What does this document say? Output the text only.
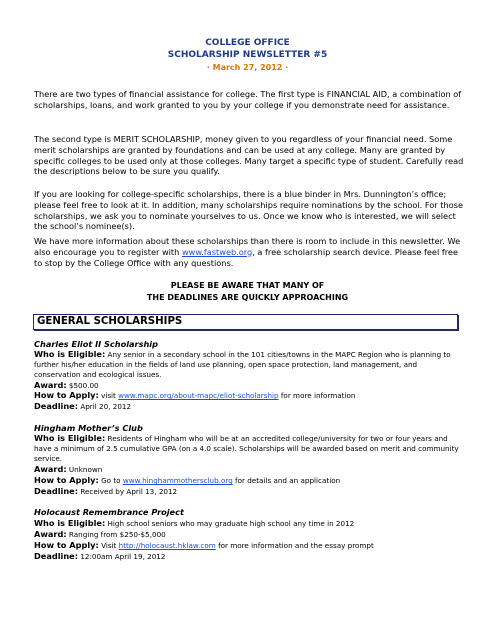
COLLEGE OFFICE
SCHOLARSHIP NEWSLETTER #5
· March 27, 2012 ·

There are two types of financial assistance for college. The first type is FINANCIAL AID, a combination of scholarships, loans, and work granted to you by your college if you demonstrate need for assistance.

The second type is MERIT SCHOLARSHIP, money given to you regardless of your financial need. Some merit scholarships are granted by foundations and can be used at any college. Many are granted by specific colleges to be used only at those colleges. Many target a specific type of student. Carefully read the descriptions below to be sure you qualify.

If you are looking for college-specific scholarships, there is a blue binder in Mrs. Dunnington’s office; please feel free to look at it. In addition, many scholarships require nominations by the school. For those scholarships, we ask you to nominate yourselves to us. Once we know who is interested, we will select the school’s nominee(s).

We have more information about these scholarships than there is room to include in this newsletter. We also encourage you to register with www.fastweb.org, a free scholarship search device. Please feel free to stop by the College Office with any questions.

PLEASE BE AWARE THAT MANY OF
THE DEADLINES ARE QUICKLY APPROACHING
GENERAL SCHOLARSHIPS
Charles Eliot II Scholarship
Who is Eligible: Any senior in a secondary school in the 101 cities/towns in the MAPC Region who is planning to further his/her education in the fields of land use planning, open space protection, land management, and conservation and ecological issues.
Award: $500.00
How to Apply: visit www.mapc.org/about-mapc/eliot-scholarship for more information
Deadline: April 20, 2012
Hingham Mother’s Club
Who is Eligible: Residents of Hingham who will be at an accredited college/university for two or four years and have a minimum of 2.5 cumulative GPA (on a 4.0 scale). Scholarships will be awarded based on merit and community service.
Award: Unknown
How to Apply: Go to www.hinghammothersclub.org for details and an application
Deadline: Received by April 13, 2012
Holocaust Remembrance Project
Who is Eligible: High school seniors who may graduate high school any time in 2012
Award: Ranging from $250-$5,000
How to Apply: Visit http://holocaust.hklaw.com for more information and the essay prompt
Deadline: 12:00am April 19, 2012
